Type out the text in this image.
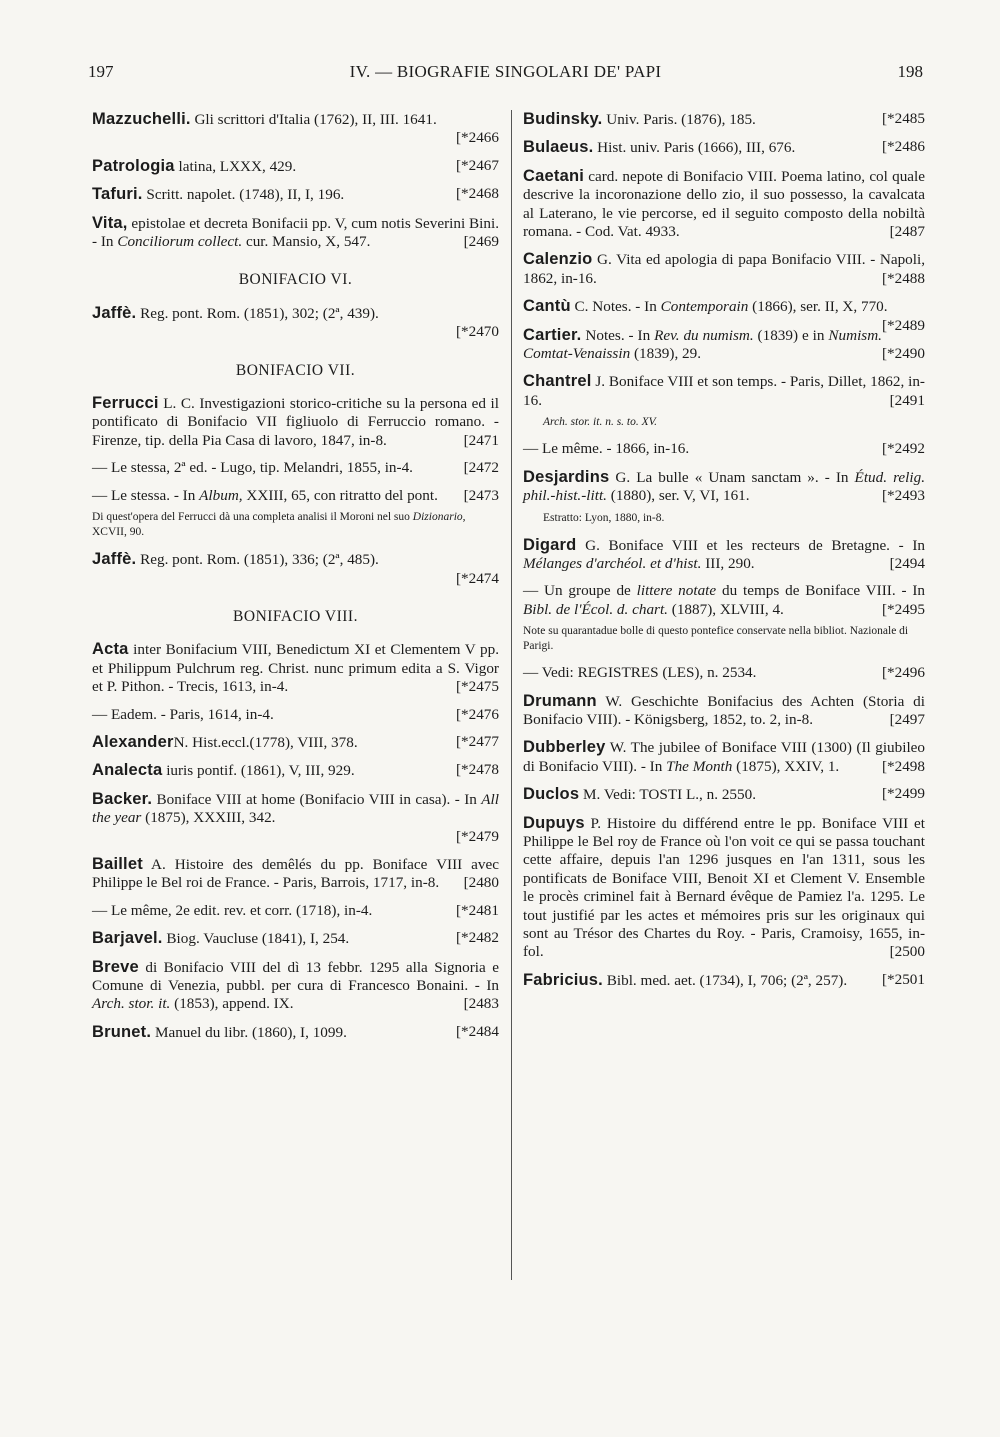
197	IV. — BIOGRAFIE SINGOLARI DE' PAPI	198
Mazzuchelli. Gli scrittori d'Italia (1762), II, III. 1641.
[*2466
Patrologia latina, LXXX, 429.	[*2467
Tafuri. Scritt. napolet. (1748), II, I, 196.	[*2468
Vita, epistolae et decreta Bonifacii pp. V, cum notis Severini Bini. - In Conciliorum collect. cur. Mansio, X, 547.	[2469
BONIFACIO VI.
Jaffè. Reg. pont. Rom. (1851), 302; (2ª, 439).
[*2470
BONIFACIO VII.
Ferrucci L. C. Investigazioni storico-critiche su la persona ed il pontificato di Bonifacio VII figliuolo di Ferruccio romano. - Firenze, tip. della Pia Casa di lavoro, 1847, in-8.	[2471
— Le stessa, 2ª ed. - Lugo, tip. Melandri, 1855, in-4.	[2472
— Le stessa. - In Album, XXIII, 65, con ritratto del pont. [2473
Di quest'opera del Ferrucci dà una completa analisi il Moroni nel suo Dizionario, XCVII, 90.
Jaffè. Reg. pont. Rom. (1851), 336; (2ª, 485).
[*2474
BONIFACIO VIII.
Acta inter Bonifacium VIII, Benedictum XI et Clementem V pp. et Philippum Pulchrum reg. Christ. nunc primum edita a S. Vigor et P. Pithon. - Trecis, 1613, in-4.	[*2475
— Eadem. - Paris, 1614, in-4.	[*2476
AlexanderN. Hist.eccl.(1778), VIII, 378.	[*2477
Analecta iuris pontif. (1861), V, III, 929.	[*2478
Backer. Boniface VIII at home (Bonifacio VIII in casa). - In All the year (1875), XXXIII, 342.
[*2479
Baillet A. Histoire des demêlés du pp. Boniface VIII avec Philippe le Bel roi de France. - Paris, Barrois, 1717, in-8. [2480
— Le même, 2e edit. rev. et corr. (1718), in-4.	[*2481
Barjavel. Biog. Vaucluse (1841), I, 254.	[*2482
Breve di Bonifacio VIII del dì 13 febbr. 1295 alla Signoria e Comune di Venezia, pubbl. per cura di Francesco Bonaini. - In Arch. stor. it. (1853), append. IX.	[2483
Brunet. Manuel du libr. (1860), I, 1099.	[*2484
Budinsky. Univ. Paris. (1876), 185.	[*2485
Bulaeus. Hist. univ. Paris (1666), III, 676.	[*2486
Caetani card. nepote di Bonifacio VIII. Poema latino, col quale descrive la incoronazione dello zio, il suo possesso, la cavalcata al Laterano, le vie percorse, ed il seguito composto della nobiltà romana. - Cod. Vat. 4933.	[2487
Calenzio G. Vita ed apologia di papa Bonifacio VIII. - Napoli, 1862, in-16.	[*2488
Cantù C. Notes. - In Contemporain (1866), ser. II, X, 770.
[*2489
Cartier. Notes. - In Rev. du numism. (1839) e in Numism. Comtat-Venaissin (1839), 29.	[*2490
Chantrel J. Boniface VIII et son temps. - Paris, Dillet, 1862, in-16.	[2491
Arch. stor. it. n. s. to. XV.
— Le même. - 1866, in-16.	[*2492
Desjardins G. La bulle « Unam sanctam ». - In Étud. relig. phil.-hist.-litt. (1880), ser. V, VI, 161.	[*2493
Estratto: Lyon, 1880, in-8.
Digard G. Boniface VIII et les recteurs de Bretagne. - In Mélanges d'archéol. et d'hist. III, 290.	[2494
— Un groupe de littere notate du temps de Boniface VIII. - In Bibl. de l'Écol. d. chart. (1887), XLVIII, 4.	[*2495
Note su quarantadue bolle di questo pontefice conservate nella bibliot. Nazionale di Parigi.
— Vedi: REGISTRES (LES), n. 2534.	[*2496
Drumann W. Geschichte Bonifacius des Achten (Storia di Bonifacio VIII). - Königsberg, 1852, to. 2, in-8.	[2497
Dubberley W. The jubilee of Boniface VIII (1300) (Il giubileo di Bonifacio VIII). - In The Month (1875), XXIV, 1.	[*2498
Duclos M. Vedi: TOSTI L., n. 2550.	[*2499
Dupuys P. Histoire du différend entre le pp. Boniface VIII et Philippe le Bel roy de France où l'on voit ce qui se passa touchant cette affaire, depuis l'an 1296 jusques en l'an 1311, sous les pontificats de Boniface VIII, Benoit XI et Clement V. Ensemble le procès criminel fait à Bernard évêque de Pamiez l'a. 1295. Le tout justifié par les actes et mémoires pris sur les originaux qui sont au Trésor des Chartes du Roy. - Paris, Cramoisy, 1655, in-fol.	[2500
Fabricius. Bibl. med. aet. (1734), I, 706; (2ª, 257). [*2501
